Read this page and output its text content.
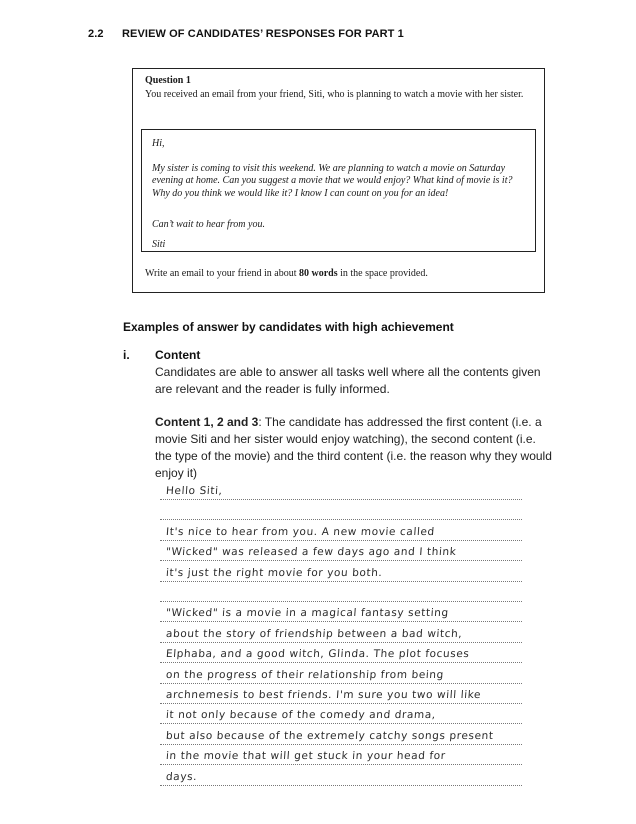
2.2 REVIEW OF CANDIDATES’ RESPONSES FOR PART 1
Question 1
You received an email from your friend, Siti, who is planning to watch a movie with her sister.
Hi,
My sister is coming to visit this weekend. We are planning to watch a movie on Saturday evening at home. Can you suggest a movie that we would enjoy? What kind of movie is it? Why do you think we would like it? I know I can count on you for an idea!
Can’t wait to hear from you.
Siti
Write an email to your friend in about 80 words in the space provided.
Examples of answer by candidates with high achievement
i. Content
Candidates are able to answer all tasks well where all the contents given are relevant and the reader is fully informed.
Content 1, 2 and 3: The candidate has addressed the first content (i.e. a movie Siti and her sister would enjoy watching), the second content (i.e. the type of the movie) and the third content (i.e. the reason why they would enjoy it)
Hello Siti,
It's nice to hear from you. A new movie called
"Wicked" was released a few days ago and I think
it's just the right movie for you both.
"Wicked" is a movie in a magical fantasy setting
about the story of friendship between a bad witch,
Elphaba, and a good witch, Glinda. The plot focuses
on the progress of their relationship from being
archnemesis to best friends. I'm sure you two will like
it not only because of the comedy and drama,
but also because of the extremely catchy songs present
in the movie that will get stuck in your head for
days.
